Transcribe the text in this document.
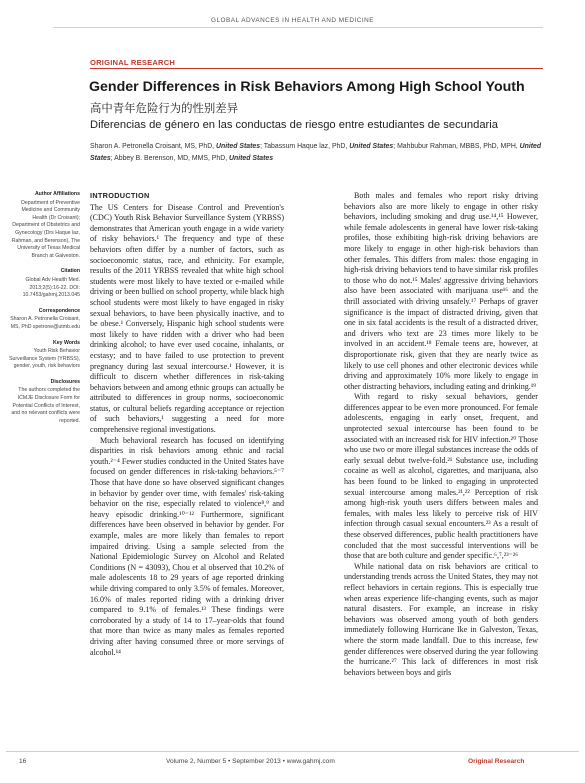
GLOBAL ADVANCES IN HEALTH AND MEDICINE
ORIGINAL RESEARCH
Gender Differences in Risk Behaviors Among High School Youth
高中青年危险行为的性别差异
Diferencias de género en las conductas de riesgo entre estudiantes de secundaria
Sharon A. Petronella Croisant, MS, PhD, United States; Tabassum Haque laz, PhD, United States; Mahbubur Rahman, MBBS, PhD, MPH, United States; Abbey B. Berenson, MD, MMS, PhD, United States
Author Affiliations
Department of Preventive Medicine and Community Health (Dr Croisant); Department of Obstetrics and Gynecology (Drs Haque laz, Rahman, and Berenson), The University of Texas Medical Branch at Galveston.
Citation
Global Adv Health Med. 2013;2(5):16-22. DOI: 10.7453/gahmj.2013.045
Correspondence
Sharon A. Petronella Croisant, MS, PhD spetrone@utmb.edu
Key Words
Youth Risk Behavior Surveillance System (YRBSS), gender, youth, risk behaviors
Disclosures
The authors completed the ICMJE Disclosure Form for Potential Conflicts of Interest, and no relevant conflicts were reported.
INTRODUCTION

The US Centers for Disease Control and Prevention's (CDC) Youth Risk Behavior Surveillance System (YRBSS) demonstrates that American youth engage in a wide variety of risky behaviors.¹ The frequency and type of these behaviors often differ by a number of factors, such as socioeconomic status, race, and ethnicity. For example, results of the 2011 YRBSS revealed that white high school students were most likely to have texted or e-mailed while driving or been bullied on school property, while black high school students were most likely to have engaged in risky sexual behaviors, to have been physically inactive, and to be obese.¹ Conversely, Hispanic high school students were most likely to have ridden with a driver who had been drinking alcohol; to have ever used cocaine, inhalants, or ecstasy; and to have failed to use protection to prevent pregnancy during last sexual intercourse.¹ However, it is difficult to discern whether differences in risk-taking behaviors between and among ethnic groups can actually be attributed to differences in group norms, socioeconomic status, or cultural beliefs regarding acceptance or rejection of such behaviors,¹ suggesting a need for more comprehensive regional investigations.

Much behavioral research has focused on identifying disparities in risk behaviors among ethnic and racial youth.²⁻⁴ Fewer studies conducted in the United States have focused on gender differences in risk-taking behaviors.⁵⁻⁷ Those that have done so have observed significant changes in behavior by gender over time, with females' risk-taking behavior on the rise, especially related to violence⁸,⁹ and heavy episodic drinking.¹⁰⁻¹² Furthermore, significant differences have been observed in behavior by gender. For example, males are more likely than females to report impaired driving. Using a sample selected from the National Epidemiologic Survey on Alcohol and Related Conditions (N = 43093), Chou et al observed that 10.2% of male adolescents 18 to 29 years of age reported drinking while driving compared to only 3.5% of females. Moreover, 16.0% of males reported riding with a drinking driver compared to 9.1% of females.¹³ These findings were corroborated by a study of 14 to 17–year-olds that found that more than twice as many males as females reported driving after having consumed three or more servings of alcohol.¹⁴

Both males and females who report risky driving behaviors also are more likely to engage in other risky behaviors, including smoking and drug use.¹⁴,¹⁵ However, while female adolescents in general have lower risk-taking profiles, those exhibiting high-risk driving behaviors are more likely to engage in other high-risk behaviors than other females. This differs from males: those engaging in high-risk driving behaviors tend to have similar risk profiles to those who do not.¹⁵ Males' aggressive driving behaviors also have been associated with marijuana use¹⁶ and the thrill associated with driving unsafely.¹⁷ Perhaps of graver significance is the impact of distracted driving, given that one in six fatal accidents is the result of a distracted driver, and drivers who text are 23 times more likely to be involved in an accident.¹⁸ Female teens are, however, at disproportionate risk, given that they are nearly twice as likely to use cell phones and other electronic devices while driving and approximately 10% more likely to engage in other distracting behaviors, including eating and drinking.¹⁹

With regard to risky sexual behaviors, gender differences appear to be even more pronounced. For female adolescents, engaging in early onset, frequent, and unprotected sexual intercourse has been found to be associated with an increased risk for HIV infection.²⁰ Those who use two or more illegal substances increase the odds of early sexual debut twelve-fold.²¹ Substance use, including cocaine as well as alcohol, cigarettes, and marijuana, also has been found to be linked to engaging in unprotected sexual intercourse among males.²¹,²² Perception of risk among high-risk youth users differs between males and females, with males less likely to perceive risk of HIV infection through casual sexual encounters.²³ As a result of these observed differences, public health practitioners have concluded that the most successful interventions will be those that are both culture and gender specific.⁶,⁷,²³⁻²⁶

While national data on risk behaviors are critical to understanding trends across the United States, they may not reflect behaviors in certain regions. This is especially true when areas experience life-changing events, such as major natural disasters. For example, an increase in risky behaviors was observed among youth of both genders immediately following Hurricane Ike in Galveston, Texas, where the storm made landfall. Due to this increase, few gender differences were observed during the year following the hurricane.²⁷ This lack of differences in most risk behaviors between boys and girls

16	Volume 2, Number 5 • September 2013 • www.gahmj.com	Original Research
